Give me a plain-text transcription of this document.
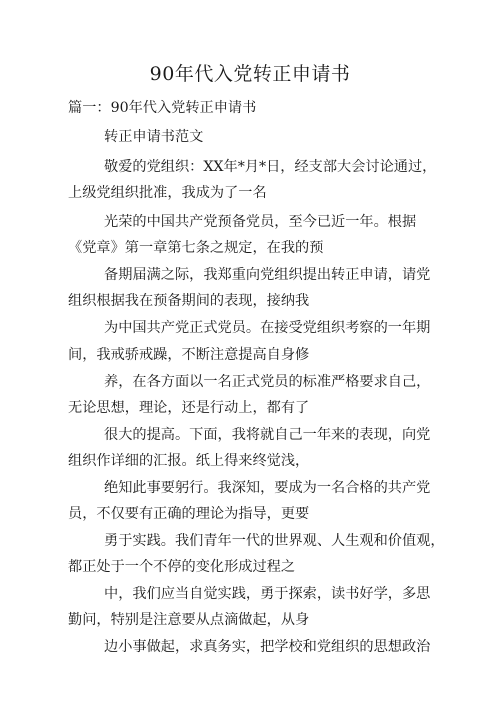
90年代入党转正申请书
篇一：90年代入党转正申请书
转正申请书范文
敬爱的党组织：XX年*月*日，经支部大会讨论通过，
上级党组织批准，我成为了一名
光荣的中国共产党预备党员，至今已近一年。根据
《党章》第一章第七条之规定，在我的预
备期届满之际，我郑重向党组织提出转正申请，请党
组织根据我在预备期间的表现，接纳我
为中国共产党正式党员。在接受党组织考察的一年期
间，我戒骄戒躁，不断注意提高自身修
养，在各方面以一名正式党员的标准严格要求自己，
无论思想，理论，还是行动上，都有了
很大的提高。下面，我将就自己一年来的表现，向党
组织作详细的汇报。纸上得来终觉浅，
绝知此事要躬行。我深知，要成为一名合格的共产党
员，不仅要有正确的理论为指导，更要
勇于实践。我们青年一代的世界观、人生观和价值观，
都正处于一个不停的变化形成过程之
中，我们应当自觉实践，勇于探索，读书好学，多思
勤问，特别是注意要从点滴做起，从身
边小事做起，求真务实，把学校和党组织的思想政治
